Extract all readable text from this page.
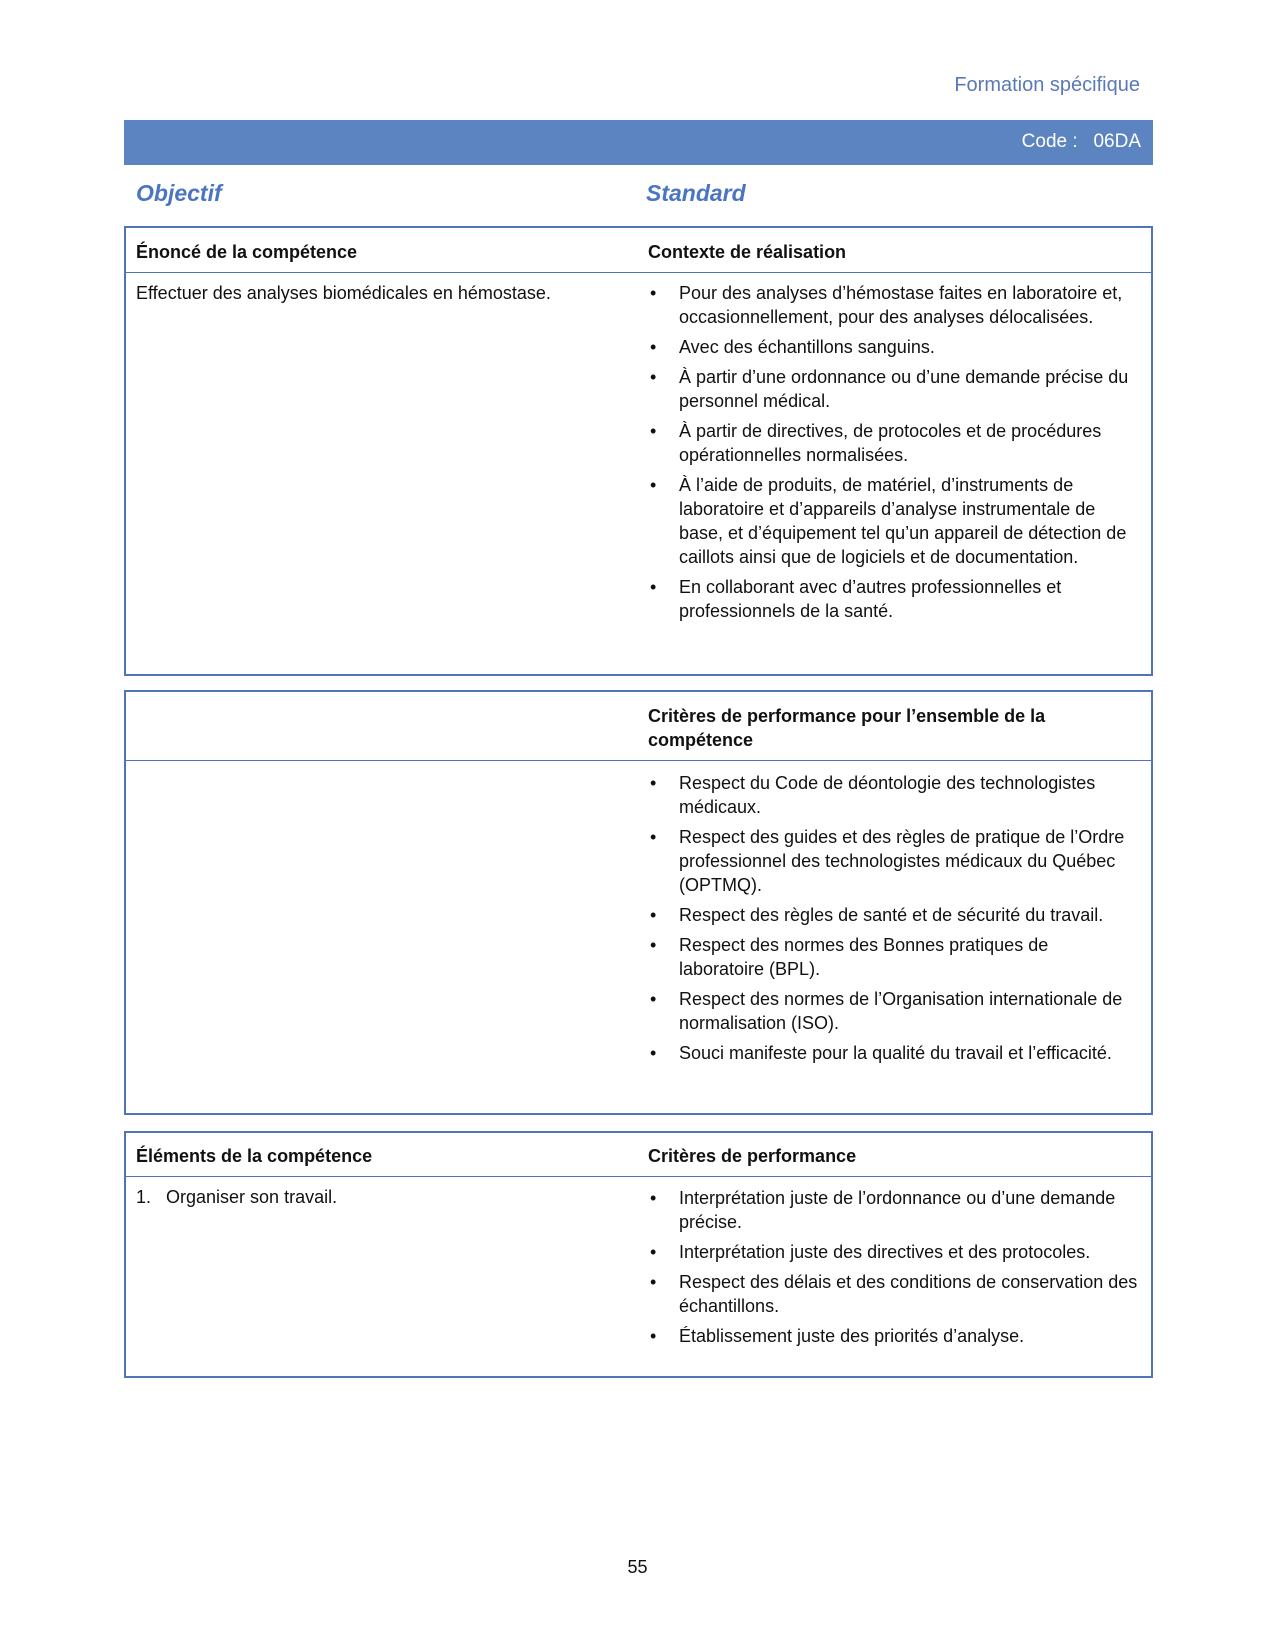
Formation spécifique
Code :   06DA
Objectif	Standard
Énoncé de la compétence	Contexte de réalisation
Effectuer des analyses biomédicales en hémostase.	• Pour des analyses d’hémostase faites en laboratoire et, occasionnellement, pour des analyses délocalisées.
• Avec des échantillons sanguins.
• À partir d’une ordonnance ou d’une demande précise du personnel médical.
• À partir de directives, de protocoles et de procédures opérationnelles normalisées.
• À l’aide de produits, de matériel, d’instruments de laboratoire et d’appareils d’analyse instrumentale de base, et d’équipement tel qu’un appareil de détection de caillots ainsi que de logiciels et de documentation.
• En collaborant avec d’autres professionnelles et professionnels de la santé.
Critères de performance pour l’ensemble de la compétence
• Respect du Code de déontologie des technologistes médicaux.
• Respect des guides et des règles de pratique de l’Ordre professionnel des technologistes médicaux du Québec (OPTMQ).
• Respect des règles de santé et de sécurité du travail.
• Respect des normes des Bonnes pratiques de laboratoire (BPL).
• Respect des normes de l’Organisation internationale de normalisation (ISO).
• Souci manifeste pour la qualité du travail et l’efficacité.
Éléments de la compétence	Critères de performance
1.   Organiser son travail.	• Interprétation juste de l’ordonnance ou d’une demande précise.
• Interprétation juste des directives et des protocoles.
• Respect des délais et des conditions de conservation des échantillons.
• Établissement juste des priorités d’analyse.
55
